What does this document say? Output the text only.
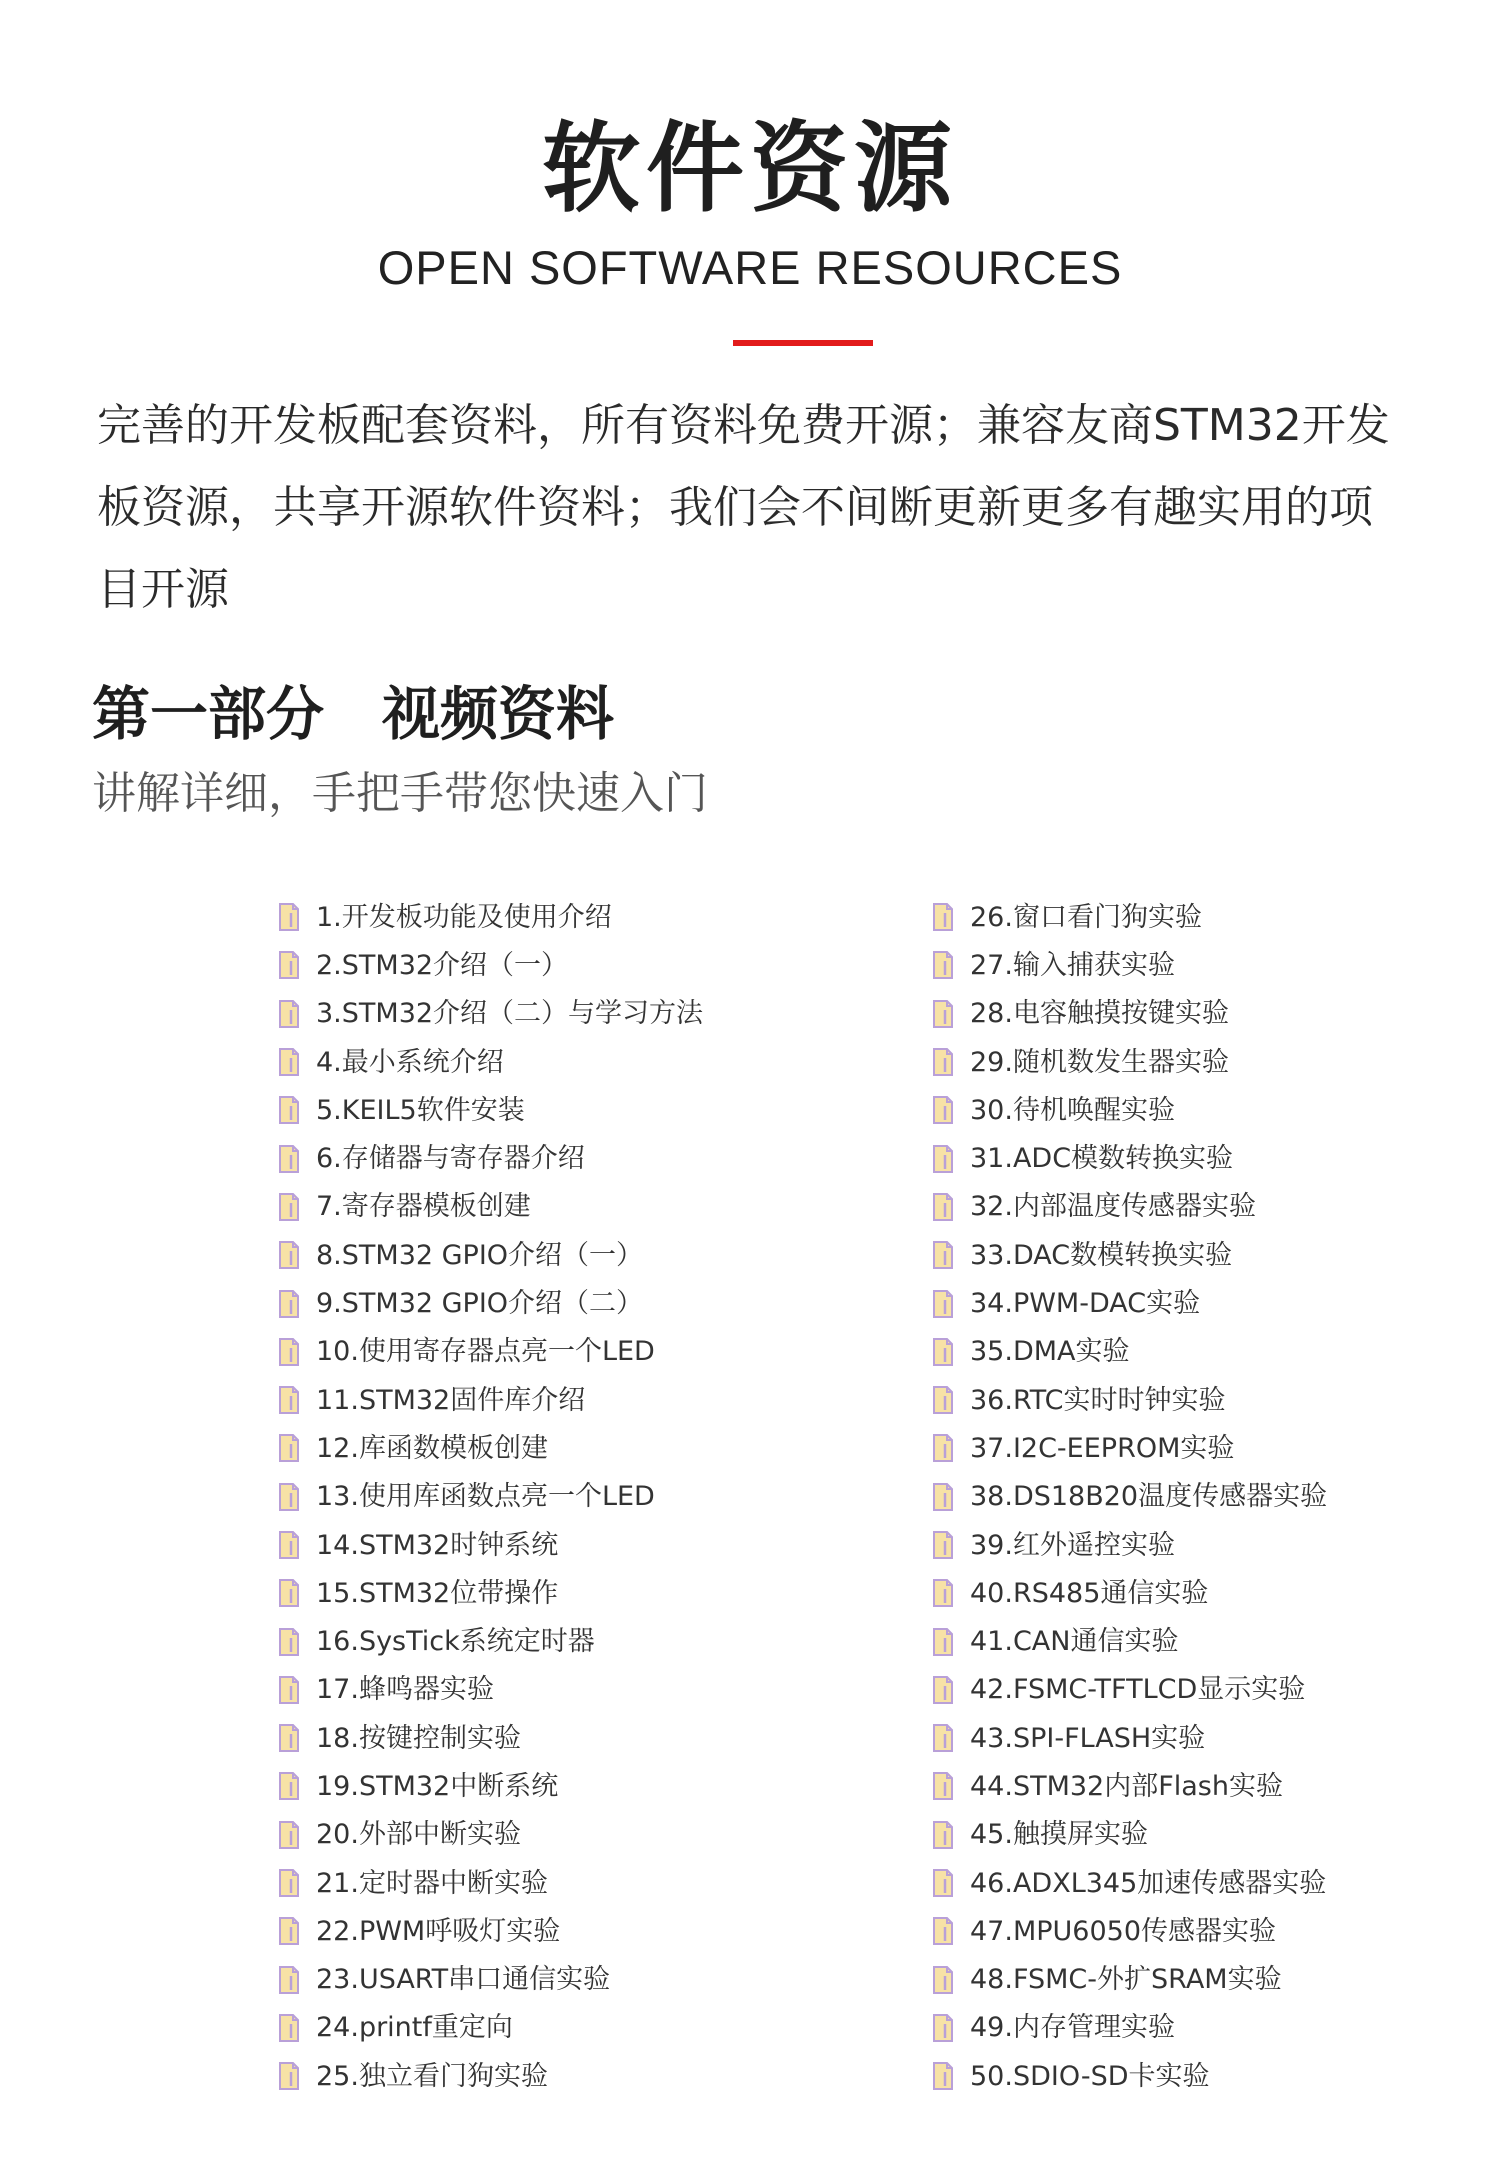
软件资源
OPEN SOFTWARE RESOURCES
完善的开发板配套资料，所有资料免费开源；兼容友商STM32开发
板资源，共享开源软件资料；我们会不间断更新更多有趣实用的项
目开源
第一部分　视频资料
讲解详细，手把手带您快速入门
1.开发板功能及使用介绍
2.STM32介绍（一）
3.STM32介绍（二）与学习方法
4.最小系统介绍
5.KEIL5软件安装
6.存储器与寄存器介绍
7.寄存器模板创建
8.STM32 GPIO介绍（一）
9.STM32 GPIO介绍（二）
10.使用寄存器点亮一个LED
11.STM32固件库介绍
12.库函数模板创建
13.使用库函数点亮一个LED
14.STM32时钟系统
15.STM32位带操作
16.SysTick系统定时器
17.蜂鸣器实验
18.按键控制实验
19.STM32中断系统
20.外部中断实验
21.定时器中断实验
22.PWM呼吸灯实验
23.USART串口通信实验
24.printf重定向
25.独立看门狗实验
26.窗口看门狗实验
27.输入捕获实验
28.电容触摸按键实验
29.随机数发生器实验
30.待机唤醒实验
31.ADC模数转换实验
32.内部温度传感器实验
33.DAC数模转换实验
34.PWM-DAC实验
35.DMA实验
36.RTC实时时钟实验
37.I2C-EEPROM实验
38.DS18B20温度传感器实验
39.红外遥控实验
40.RS485通信实验
41.CAN通信实验
42.FSMC-TFTLCD显示实验
43.SPI-FLASH实验
44.STM32内部Flash实验
45.触摸屏实验
46.ADXL345加速传感器实验
47.MPU6050传感器实验
48.FSMC-外扩SRAM实验
49.内存管理实验
50.SDIO-SD卡实验
